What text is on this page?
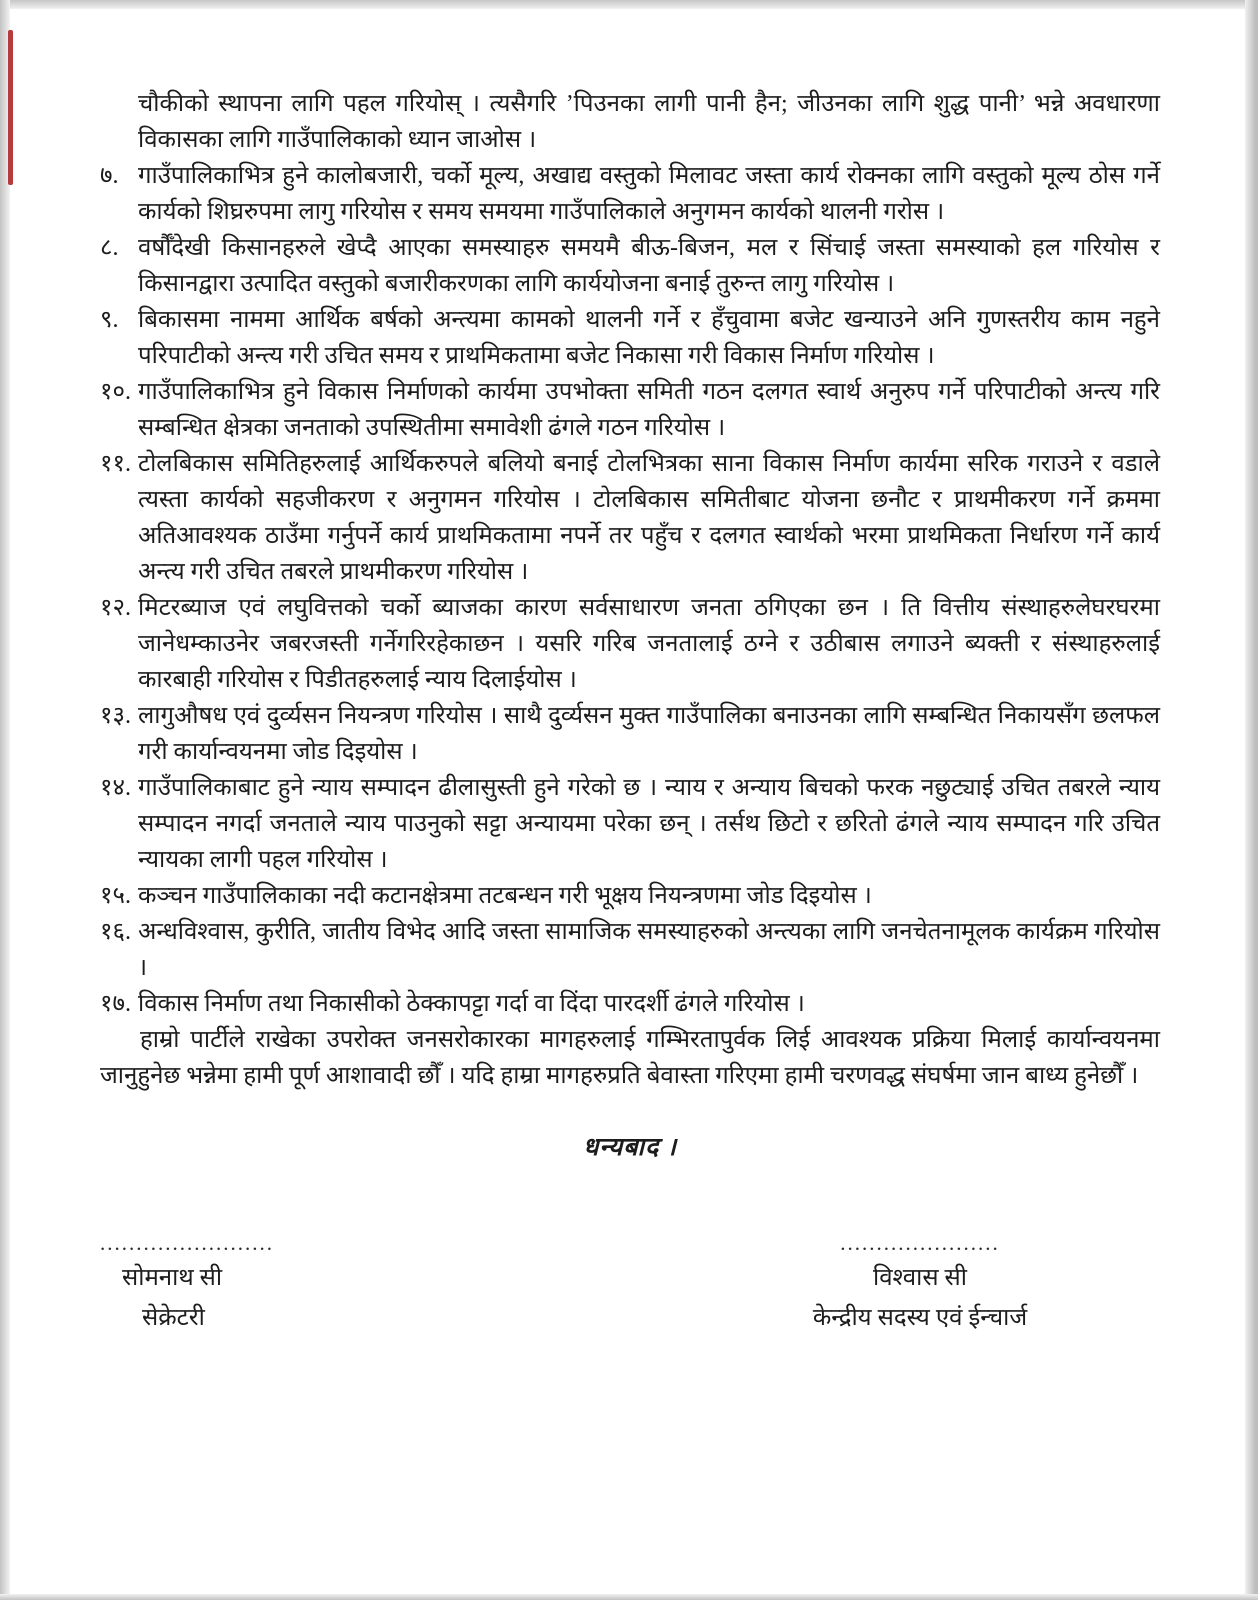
चौकीको स्थापना लागि पहल गरियोस् । त्यसैगरि ’पिउनका लागी पानी हैन; जीउनका लागि शुद्ध पानी’ भन्ने अवधारणा विकासका लागि गाउँपालिकाको ध्यान जाओस ।

७. गाउँपालिकाभित्र हुने कालोबजारी, चर्को मूल्य, अखाद्य वस्तुको मिलावट जस्ता कार्य रोक्नका लागि वस्तुको मूल्य ठोस गर्ने कार्यको शिघ्ररुपमा लागु गरियोस र समय समयमा गाउँपालिकाले अनुगमन कार्यको थालनी गरोस ।
८. वर्षौँदेखी किसानहरुले खेप्दै आएका समस्याहरु समयमै बीऊ-बिजन, मल र सिंचाई जस्ता समस्याको हल गरियोस र किसानद्वारा उत्पादित वस्तुको बजारीकरणका लागि कार्ययोजना बनाई तुरुन्त लागु गरियोस ।
९. बिकासमा नाममा आर्थिक बर्षको अन्त्यमा कामको थालनी गर्ने र हँचुवामा बजेट खन्याउने अनि गुणस्तरीय काम नहुने परिपाटीको अन्त्य गरी उचित समय र प्राथमिकतामा बजेट निकासा गरी विकास निर्माण गरियोस ।
१०. गाउँपालिकाभित्र हुने विकास निर्माणको कार्यमा उपभोक्ता समिती गठन दलगत स्वार्थ अनुरुप गर्ने परिपाटीको अन्त्य गरि सम्बन्धित क्षेत्रका जनताको उपस्थितीमा समावेशी ढंगले गठन गरियोस ।
११. टोलबिकास समितिहरुलाई आर्थिकरुपले बलियो बनाई टोलभित्रका साना विकास निर्माण कार्यमा सरिक गराउने र वडाले त्यस्ता कार्यको सहजीकरण र अनुगमन गरियोस । टोलबिकास समितीबाट योजना छनौट र प्राथमीकरण गर्ने क्रममा अतिआवश्यक ठाउँमा गर्नुपर्ने कार्य प्राथमिकतामा नपर्ने तर पहुँच र दलगत स्वार्थको भरमा प्राथमिकता निर्धारण गर्ने कार्य अन्त्य गरी उचित तबरले प्राथमीकरण गरियोस ।
१२. मिटरब्याज एवं लघुवित्तको चर्को ब्याजका कारण सर्वसाधारण जनता ठगिएका छन । ति वित्तीय संस्थाहरुलेघरघरमा जानेधम्काउनेर जबरजस्ती गर्नेगरिरहेकाछन । यसरि गरिब जनतालाई ठग्ने र उठीबास लगाउने ब्यक्ती र संस्थाहरुलाई कारबाही गरियोस र पिडीतहरुलाई न्याय दिलाईयोस ।
१३. लागुऔषध एवं दुर्व्यसन नियन्त्रण गरियोस । साथै दुर्व्यसन मुक्त गाउँपालिका बनाउनका लागि सम्बन्धित निकायसँग छलफल गरी कार्यान्वयनमा जोड दिइयोस ।
१४. गाउँपालिकाबाट हुने न्याय सम्पादन ढीलासुस्ती हुने गरेको छ । न्याय र अन्याय बिचको फरक नछुट्याई उचित तबरले न्याय सम्पादन नगर्दा जनताले न्याय पाउनुको सट्टा अन्यायमा परेका छन् । तर्सथ छिटो र छरितो ढंगले न्याय सम्पादन गरि उचित न्यायका लागी पहल गरियोस ।
१५. कञ्चन गाउँपालिकाका नदी कटानक्षेत्रमा तटबन्धन गरी भूक्षय नियन्त्रणमा जोड दिइयोस ।
१६. अन्धविश्वास, कुरीति, जातीय विभेद आदि जस्ता सामाजिक समस्याहरुको अन्त्यका लागि जनचेतनामूलक कार्यक्रम गरियोस ।
१७. विकास निर्माण तथा निकासीको ठेक्कापट्टा गर्दा वा दिंदा पारदर्शी ढंगले गरियोस ।

हाम्रो पार्टीले राखेका उपरोक्त जनसरोकारका मागहरुलाई गम्भिरतापुर्वक लिई आवश्यक प्रक्रिया मिलाई कार्यान्वयनमा जानुहुनेछ भन्नेमा हामी पूर्ण आशावादी छौँ । यदि हाम्रा मागहरुप्रति बेवास्ता गरिएमा हामी चरणवद्ध संघर्षमा जान बाध्य हुनेछौँ ।

धन्यबाद ।

........................
सोमनाथ सी
सेक्रेटरी
......................
विश्वास सी
केन्द्रीय सदस्य एवं ईन्चार्ज
